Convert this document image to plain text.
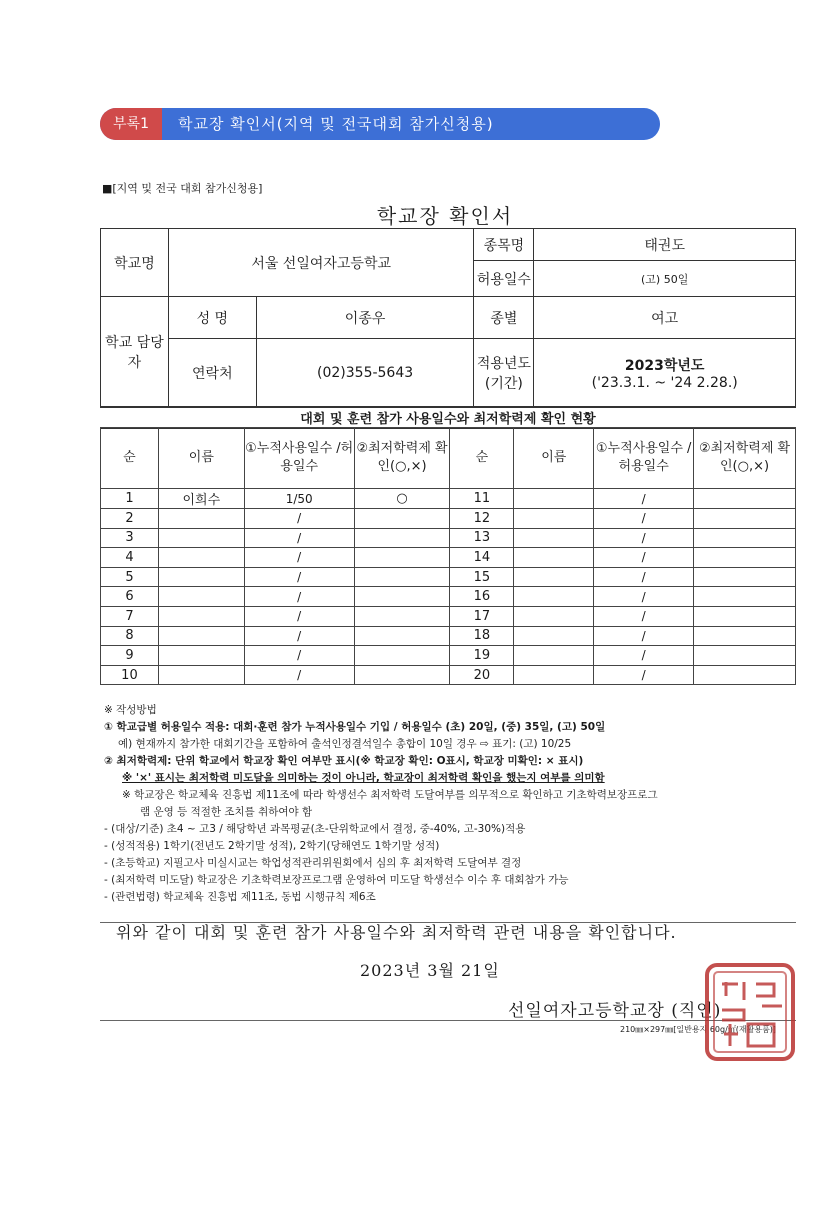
부록1	학교장 확인서(지역 및 전국대회 참가신청용)
■[지역 및 전국 대회 참가신청용]
학교장 확인서
학교명	서울 선일여자고등학교		종목명	태권도
			허용일수	(고) 50일
학교 담당자	성 명	이종우	종별	여고
	연락처	(02)355-5643	적용년도 (기간)	2023학년도
('23.3.1. ~ '24 2.28.)
대회 및 훈련 참가 사용일수와 최저학력제 확인 현황
순	이름	①누적사용일수 /허용일수	②최저학력제 확인(○,×)	순	이름	①누적사용일수 /허용일수	②최저학력제 확인(○,×)
1	이희수	1/50	○	11		/	
2		/		12		/	
3		/		13		/	
4		/		14		/	
5		/		15		/	
6		/		16		/	
7		/		17		/	
8		/		18		/	
9		/		19		/	
10		/		20		/	
※ 작성방법
① 학교급별 허용일수 적용: 대회·훈련 참가 누적사용일수 기입 / 허용일수 (초) 20일, (중) 35일, (고) 50일
예) 현재까지 참가한 대회기간을 포함하여 출석인정결석일수 총합이 10일 경우 ⇨ 표기: (고) 10/25
② 최저학력제: 단위 학교에서 학교장 확인 여부만 표시(※ 학교장 확인: O표시, 학교장 미확인: × 표시)
※ '×' 표시는 최저학력 미도달을 의미하는 것이 아니라, 학교장이 최저학력 확인을 했는지 여부를 의미함
※ 학교장은 학교체육 진흥법 제11조에 따라 학생선수 최저학력 도달여부를 의무적으로 확인하고 기초학력보장프로그
램 운영 등 적절한 조치를 취하여야 함
- (대상/기준) 초4 ~ 고3 / 해당학년 과목평균(초-단위학교에서 결정, 중-40%, 고-30%)적용
- (성적적용) 1학기(전년도 2학기말 성적), 2학기(당해연도 1학기말 성적)
- (초등학교) 지필고사 미실시교는 학업성적관리위원회에서 심의 후 최저학력 도달여부 결정
- (최저학력 미도달) 학교장은 기초학력보장프로그램 운영하여 미도달 학생선수 이수 후 대회참가 가능
- (관련법령) 학교체육 진흥법 제11조, 동법 시행규칙 제6조
위와 같이 대회 및 훈련 참가 사용일수와 최저학력 관련 내용을 확인합니다.
2023년 3월 21일
선일여자고등학교장 (직인)
210㎜×297㎜[일반용지 60g/㎡(재활용품)]
